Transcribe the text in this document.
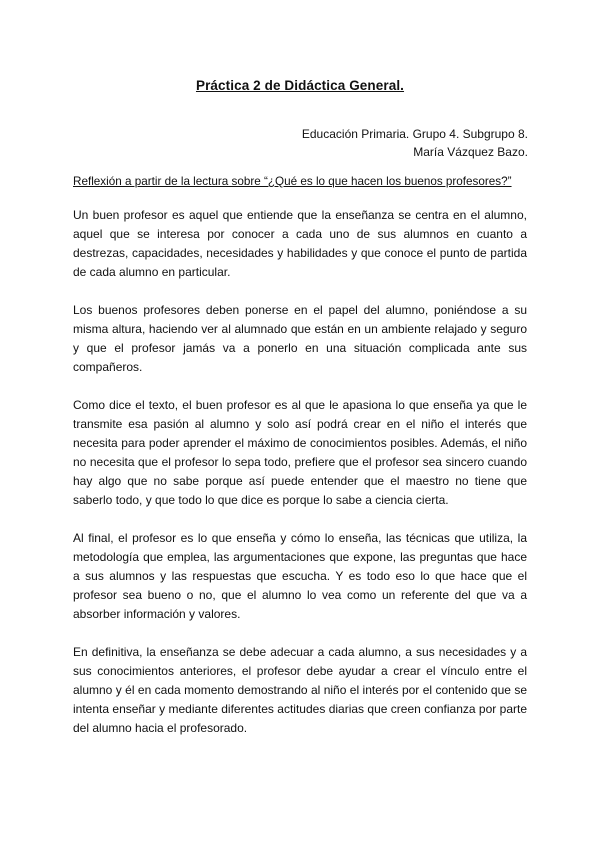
Práctica 2 de Didáctica General.
Educación Primaria. Grupo 4. Subgrupo 8.
María Vázquez Bazo.
Reflexión a partir de la lectura sobre “¿Qué es lo que hacen los buenos profesores?”

Un buen profesor es aquel que entiende que la enseñanza se centra en el alumno, aquel que se interesa por conocer a cada uno de sus alumnos en cuanto a destrezas, capacidades, necesidades y habilidades y que conoce el punto de partida de cada alumno en particular.

Los buenos profesores deben ponerse en el papel del alumno, poniéndose a su misma altura, haciendo ver al alumnado que están en un ambiente relajado y seguro y que el profesor jamás va a ponerlo en una situación complicada ante sus compañeros.

Como dice el texto, el buen profesor es al que le apasiona lo que enseña ya que le transmite esa pasión al alumno y solo así podrá crear en el niño el interés que necesita para poder aprender el máximo de conocimientos posibles. Además, el niño no necesita que el profesor lo sepa todo, prefiere que el profesor sea sincero cuando hay algo que no sabe porque así puede entender que el maestro no tiene que saberlo todo, y que todo lo que dice es porque lo sabe a ciencia cierta.

Al final, el profesor es lo que enseña y cómo lo enseña, las técnicas que utiliza, la metodología que emplea, las argumentaciones que expone, las preguntas que hace a sus alumnos y las respuestas que escucha. Y es todo eso lo que hace que el profesor sea bueno o no, que el alumno lo vea como un referente del que va a absorber información y valores.

En definitiva, la enseñanza se debe adecuar a cada alumno, a sus necesidades y a sus conocimientos anteriores, el profesor debe ayudar a crear el vínculo entre el alumno y él en cada momento demostrando al niño el interés por el contenido que se intenta enseñar y mediante diferentes actitudes diarias que creen confianza por parte del alumno hacia el profesorado.
